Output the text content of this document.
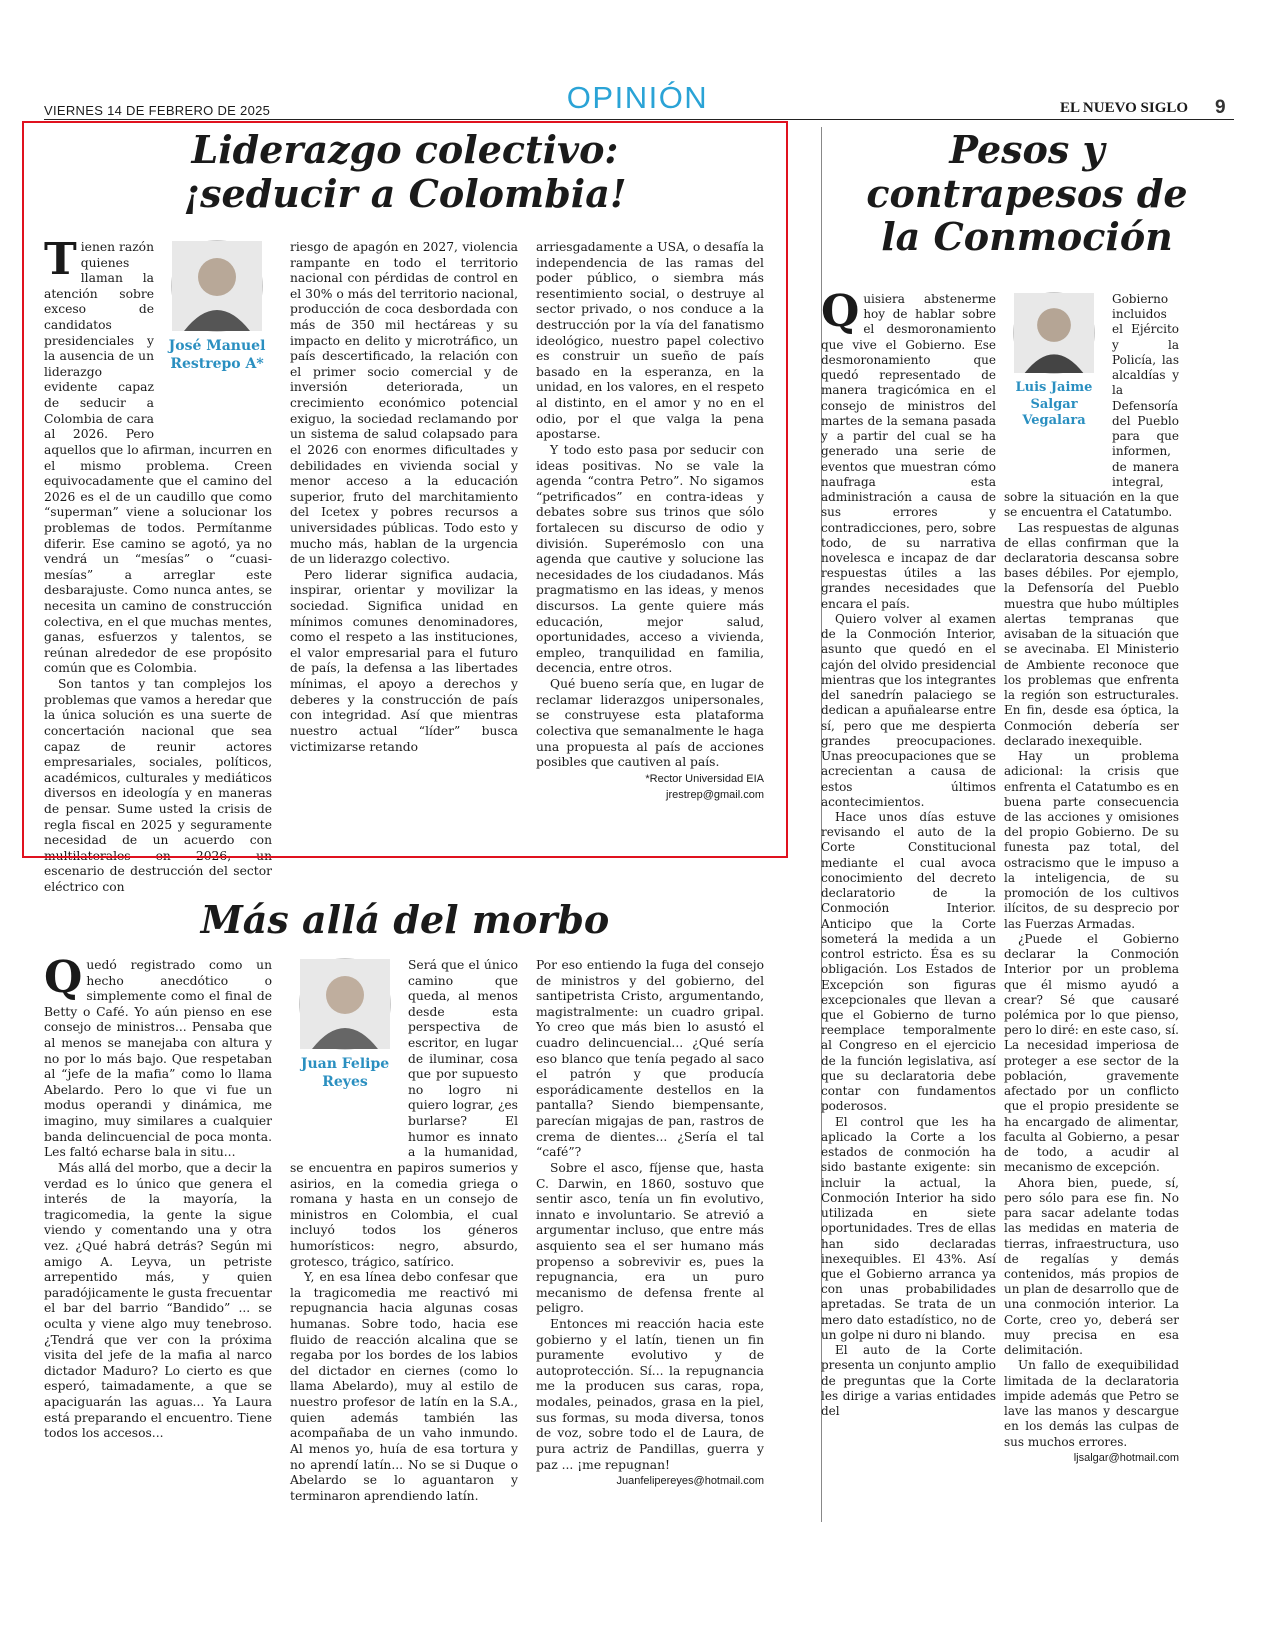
VIERNES 14 DE FEBRERO DE 2025	OPINIÓN	EL NUEVO SIGLO 9
Liderazgo colectivo:
¡seducir a Colombia!
José Manuel Restrepo A*

Tienen razón quienes llaman la atención sobre exceso de candidatos presidenciales y la ausencia de un liderazgo evidente capaz de seducir a Colombia de cara al 2026. Pero aquellos que lo afirman, incurren en el mismo problema. Creen equivocadamente que el camino del 2026 es el de un caudillo que como “superman” viene a solucionar los problemas de todos. Permítanme diferir. Ese camino se agotó, ya no vendrá un “mesías” o “cuasi-mesías” a arreglar este desbarajuste. Como nunca antes, se necesita un camino de construcción colectiva, en el que muchas mentes, ganas, esfuerzos y talentos, se reúnan alrededor de ese propósito común que es Colombia.

Son tantos y tan complejos los problemas que vamos a heredar que la única solución es una suerte de concertación nacional que sea capaz de reunir actores empresariales, sociales, políticos, académicos, culturales y mediáticos diversos en ideología y en maneras de pensar. Sume usted la crisis de regla fiscal en 2025 y seguramente necesidad de un acuerdo con multilaterales en 2026, un escenario de destrucción del sector eléctrico con

riesgo de apagón en 2027, violencia rampante en todo el territorio nacional con pérdidas de control en el 30% o más del territorio nacional, producción de coca desbordada con más de 350 mil hectáreas y su impacto en delito y microtráfico, un país descertificado, la relación con el primer socio comercial y de inversión deteriorada, un crecimiento económico potencial exiguo, la sociedad reclamando por un sistema de salud colapsado para el 2026 con enormes dificultades y debilidades en vivienda social y menor acceso a la educación superior, fruto del marchitamiento del Icetex y pobres recursos a universidades públicas. Todo esto y mucho más, hablan de la urgencia de un liderazgo colectivo.

Pero liderar significa audacia, inspirar, orientar y movilizar la sociedad. Significa unidad en mínimos comunes denominadores, como el respeto a las instituciones, el valor empresarial para el futuro de país, la defensa a las libertades mínimas, el apoyo a derechos y deberes y la construcción de país con integridad. Así que mientras nuestro actual “líder” busca victimizarse retando

arriesgadamente a USA, o desafía la independencia de las ramas del poder público, o siembra más resentimiento social, o destruye al sector privado, o nos conduce a la destrucción por la vía del fanatismo ideológico, nuestro papel colectivo es construir un sueño de país basado en la esperanza, en la unidad, en los valores, en el respeto al distinto, en el amor y no en el odio, por el que valga la pena apostarse.

Y todo esto pasa por seducir con ideas positivas. No se vale la agenda “contra Petro”. No sigamos “petrificados” en contra-ideas y debates sobre sus trinos que sólo fortalecen su discurso de odio y división. Superémoslo con una agenda que cautive y solucione las necesidades de los ciudadanos. Más pragmatismo en las ideas, y menos discursos. La gente quiere más educación, mejor salud, oportunidades, acceso a vivienda, empleo, tranquilidad en familia, decencia, entre otros.

Qué bueno sería que, en lugar de reclamar liderazgos unipersonales, se construyese esta plataforma colectiva que semanalmente le haga una propuesta al país de acciones posibles que cautiven al país.

*Rector Universidad EIA
jrestrep@gmail.com
Más allá del morbo

Quedó registrado como un hecho anecdótico o simplemente como el final de Betty o Café. Yo aún pienso en ese consejo de ministros... Pensaba que al menos se manejaba con altura y no por lo más bajo. Que respetaban al “jefe de la mafia” como lo llama Abelardo. Pero lo que vi fue un modus operandi y dinámica, me imagino, muy similares a cualquier banda delincuencial de poca monta. Les faltó echarse bala in situ...

Más allá del morbo, que a decir la verdad es lo único que genera el interés de la mayoría, la tragicomedia, la gente la sigue viendo y comentando una y otra vez. ¿Qué habrá detrás? Según mi amigo A. Leyva, un petriste arrepentido más, y quien paradójicamente le gusta frecuentar el bar del barrio “Bandido” ... se oculta y viene algo muy tenebroso. ¿Tendrá que ver con la próxima visita del jefe de la mafia al narco dictador Maduro? Lo cierto es que esperó, taimadamente, a que se apaciguarán las aguas... Ya Laura está preparando el encuentro. Tiene todos los accesos...

Juan Felipe Reyes

Será que el único camino que queda, al menos desde esta perspectiva de escritor, en lugar de iluminar, cosa que por supuesto no logro ni quiero lograr, ¿es burlarse? El humor es innato a la humanidad, se encuentra en papiros sumerios y asirios, en la comedia griega o romana y hasta en un consejo de ministros en Colombia, el cual incluyó todos los géneros humorísticos: negro, absurdo, grotesco, trágico, satírico.

Y, en esa línea debo confesar que la tragicomedia me reactivó mi repugnancia hacia algunas cosas humanas. Sobre todo, hacia ese fluido de reacción alcalina que se regaba por los bordes de los labios del dictador en ciernes (como lo llama Abelardo), muy al estilo de nuestro profesor de latín en la S.A., quien además también las acompañaba de un vaho inmundo. Al menos yo, huía de esa tortura y no aprendí latín... No se si Duque o Abelardo se lo aguantaron y terminaron aprendiendo latín.

Por eso entiendo la fuga del consejo de ministros y del gobierno, del santipetrista Cristo, argumentando, magistralmente: un cuadro gripal. Yo creo que más bien lo asustó el cuadro delincuencial... ¿Qué sería eso blanco que tenía pegado al saco el patrón y que producía esporádicamente destellos en la pantalla? Siendo biempensante, parecían migajas de pan, rastros de crema de dientes... ¿Sería el tal “café”?

Sobre el asco, fíjense que, hasta C. Darwin, en 1860, sostuvo que sentir asco, tenía un fin evolutivo, innato e involuntario. Se atrevió a argumentar incluso, que entre más asquiento sea el ser humano más propenso a sobrevivir es, pues la repugnancia, era un puro mecanismo de defensa frente al peligro.

Entonces mi reacción hacia este gobierno y el latín, tienen un fin puramente evolutivo y de autoprotección. Sí... la repugnancia me la producen sus caras, ropa, modales, peinados, grasa en la piel, sus formas, su moda diversa, tonos de voz, sobre todo el de Laura, de pura actriz de Pandillas, guerra y paz ... ¡me repugnan!

Juanfelipereyes@hotmail.com
Pesos y
contrapesos de
la Conmoción

Quisiera abstenerme hoy de hablar sobre el desmoronamiento que vive el Gobierno. Ese desmoronamiento que quedó representado de manera tragicómica en el consejo de ministros del martes de la semana pasada y a partir del cual se ha generado una serie de eventos que muestran cómo naufraga esta administración a causa de sus errores y contradicciones, pero, sobre todo, de su narrativa novelesca e incapaz de dar respuestas útiles a las grandes necesidades que encara el país.

Quiero volver al examen de la Conmoción Interior, asunto que quedó en el cajón del olvido presidencial mientras que los integrantes del sanedrín palaciego se dedican a apuñalearse entre sí, pero que me despierta grandes preocupaciones. Unas preocupaciones que se acrecientan a causa de estos últimos acontecimientos.

Hace unos días estuve revisando el auto de la Corte Constitucional mediante el cual avoca conocimiento del decreto declaratorio de la Conmoción Interior. Anticipo que la Corte someterá la medida a un control estricto. Ésa es su obligación. Los Estados de Excepción son figuras excepcionales que llevan a que el Gobierno de turno reemplace temporalmente al Congreso en el ejercicio de la función legislativa, así que su declaratoria debe contar con fundamentos poderosos.

El control que les ha aplicado la Corte a los estados de conmoción ha sido bastante exigente: sin incluir la actual, la Conmoción Interior ha sido utilizada en siete oportunidades. Tres de ellas han sido declaradas inexequibles. El 43%. Así que el Gobierno arranca ya con unas probabilidades apretadas. Se trata de un mero dato estadístico, no de un golpe ni duro ni blando.

El auto de la Corte presenta un conjunto amplio de preguntas que la Corte les dirige a varias entidades del

Luis Jaime Salgar Vegalara

Gobierno incluidos el Ejército y la Policía, las alcaldías y la Defensoría del Pueblo para que informen, de manera integral, sobre la situación en la que se encuentra el Catatumbo.

Las respuestas de algunas de ellas confirman que la declaratoria descansa sobre bases débiles. Por ejemplo, la Defensoría del Pueblo muestra que hubo múltiples alertas tempranas que avisaban de la situación que se avecinaba. El Ministerio de Ambiente reconoce que los problemas que enfrenta la región son estructurales. En fin, desde esa óptica, la Conmoción debería ser declarado inexequible.

Hay un problema adicional: la crisis que enfrenta el Catatumbo es en buena parte consecuencia de las acciones y omisiones del propio Gobierno. De su funesta paz total, del ostracismo que le impuso a la inteligencia, de su promoción de los cultivos ilícitos, de su desprecio por las Fuerzas Armadas.

¿Puede el Gobierno declarar la Conmoción Interior por un problema que él mismo ayudó a crear? Sé que causaré polémica por lo que pienso, pero lo diré: en este caso, sí. La necesidad imperiosa de proteger a ese sector de la población, gravemente afectado por un conflicto que el propio presidente se ha encargado de alimentar, faculta al Gobierno, a pesar de todo, a acudir al mecanismo de excepción.

Ahora bien, puede, sí, pero sólo para ese fin. No para sacar adelante todas las medidas en materia de tierras, infraestructura, uso de regalías y demás contenidos, más propios de un plan de desarrollo que de una conmoción interior. La Corte, creo yo, deberá ser muy precisa en esa delimitación.

Un fallo de exequibilidad limitada de la declaratoria impide además que Petro se lave las manos y descargue en los demás las culpas de sus muchos errores.

ljsalgar@hotmail.com
